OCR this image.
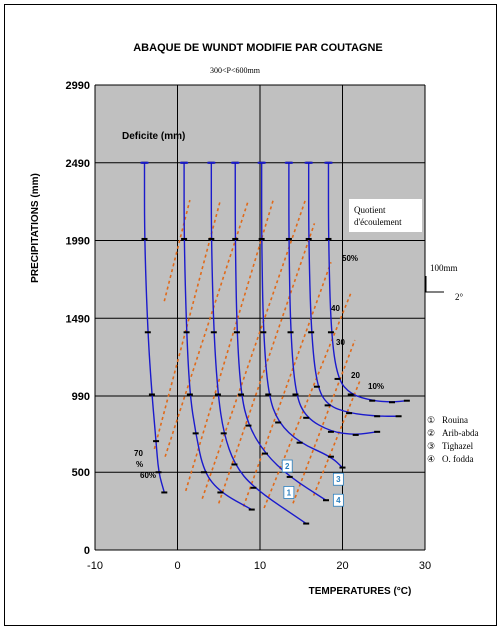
ABAQUE DE WUNDT MODIFIE PAR COUTAGNE
300<P<600mm
-10	0	10	20	30
0
500
990
1490
1990
2490
2990
TEMPERATURES (°C)
PRECIPITATIONS (mm)
Deficite (mm)
Quotient
d'écoulement
100mm
2°
50%
40
30
20
10%
70
%
60%
1
2
3
4
① Rouina
② Arib-abda
③ Tighazel
④ O. fodda
